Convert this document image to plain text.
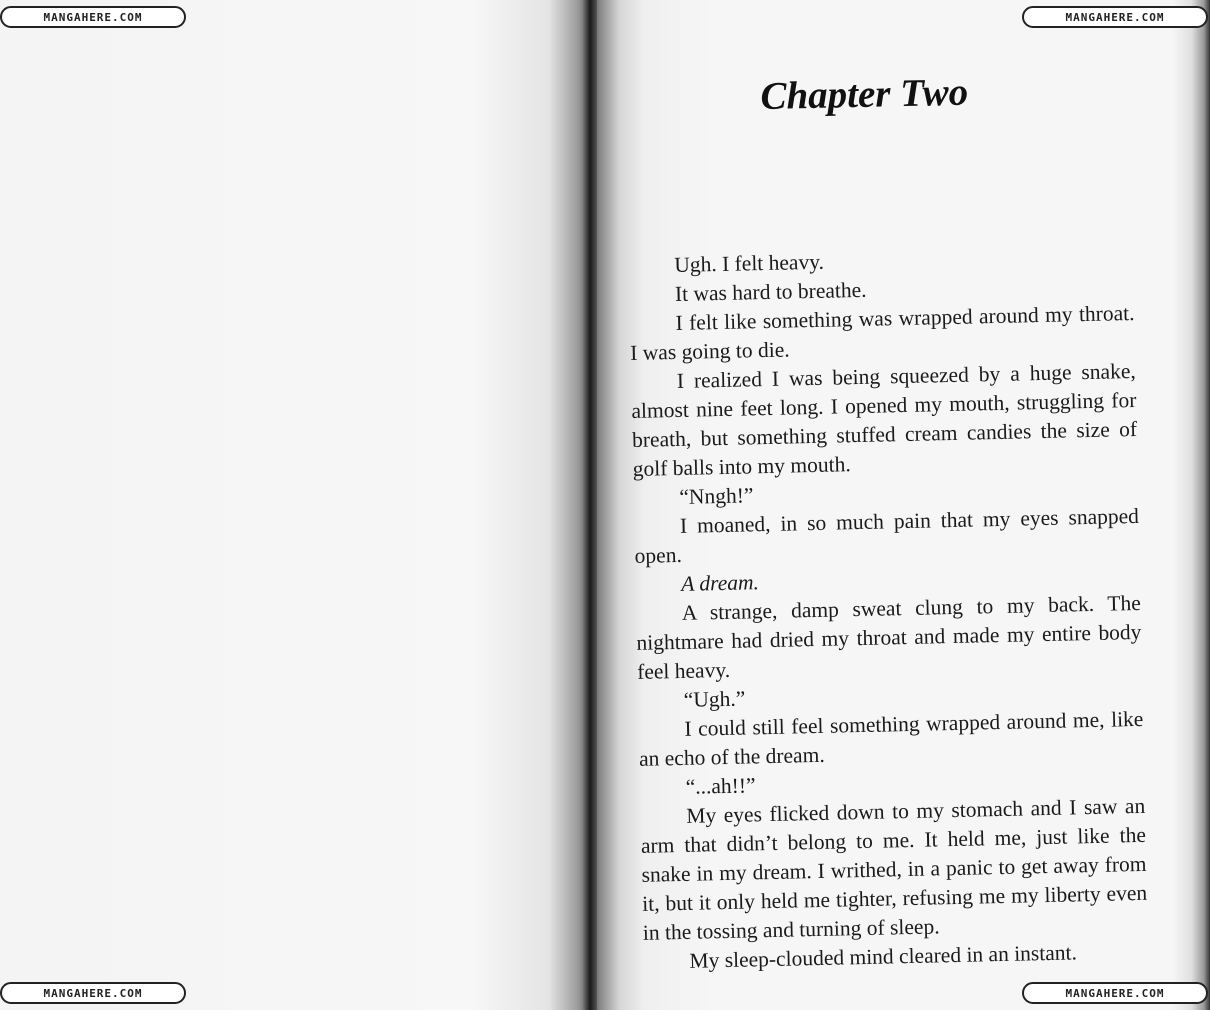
MANGAHERE.COM	MANGAHERE.COM
MANGAHERE.COM	MANGAHERE.COM
Chapter Two

Ugh. I felt heavy.

It was hard to breathe.

I felt like something was wrapped around my throat. I was going to die.

I realized I was being squeezed by a huge snake, almost nine feet long. I opened my mouth, struggling for breath, but something stuffed cream candies the size of golf balls into my mouth.

“Nngh!”

I moaned, in so much pain that my eyes snapped open.

A dream.

A strange, damp sweat clung to my back. The nightmare had dried my throat and made my entire body feel heavy.

“Ugh.”

I could still feel something wrapped around me, like an echo of the dream.

“...ah!!”

My eyes flicked down to my stomach and I saw an arm that didn’t belong to me. It held me, just like the snake in my dream. I writhed, in a panic to get away from it, but it only held me tighter, refusing me my liberty even in the tossing and turning of sleep.

My sleep-clouded mind cleared in an instant.
